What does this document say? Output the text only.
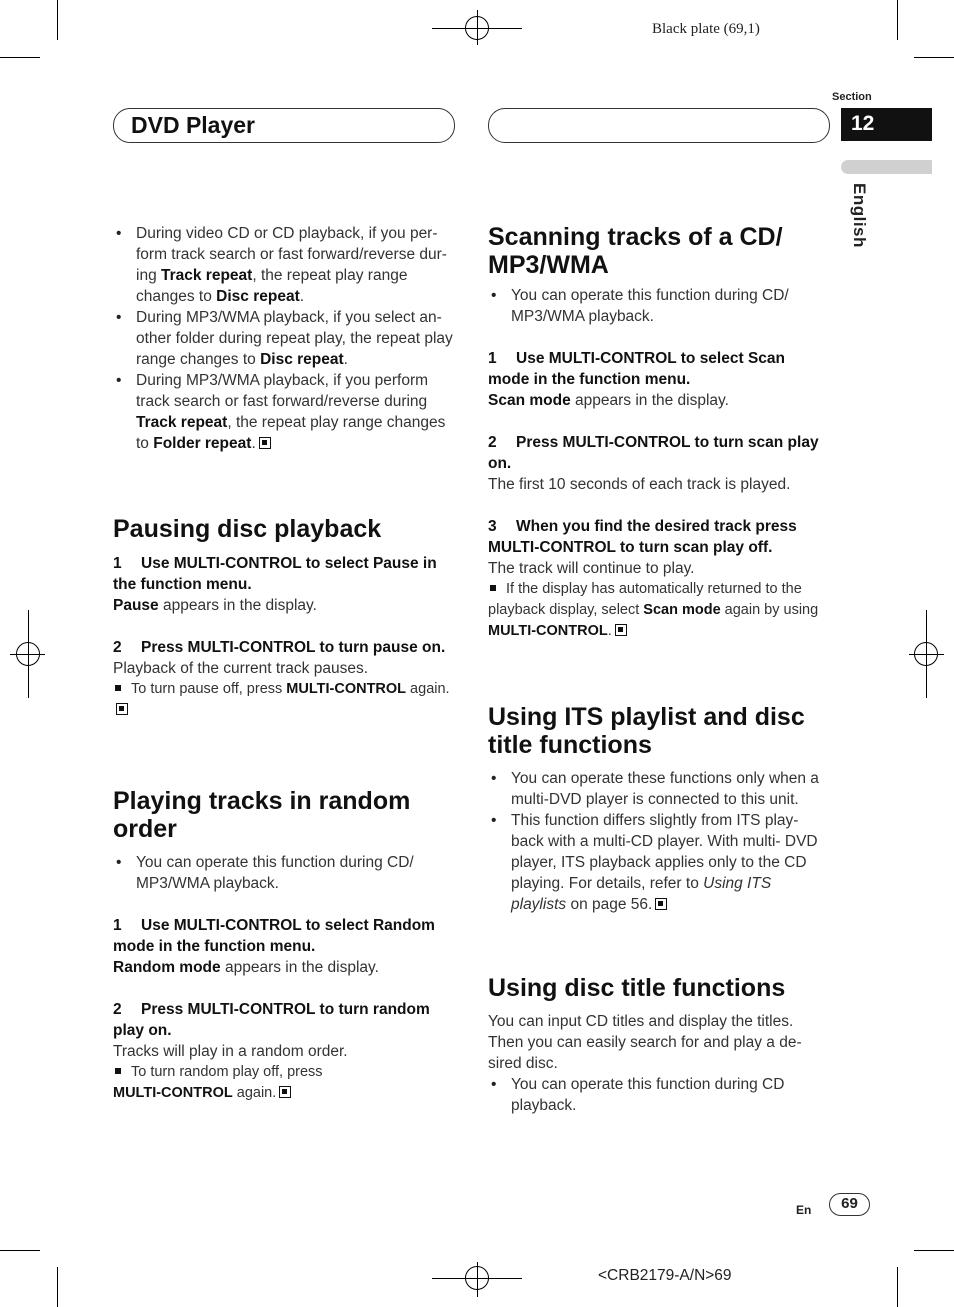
Black plate (69,1)
DVD Player
Section
12
English

• During video CD or CD playback, if you per- form track search or fast forward/reverse dur- ing Track repeat, the repeat play range changes to Disc repeat.

• During MP3/WMA playback, if you select an- other folder during repeat play, the repeat play range changes to Disc repeat.

• During MP3/WMA playback, if you perform track search or fast forward/reverse during Track repeat, the repeat play range changes to Folder repeat.

Pausing disc playback

1 Use MULTI-CONTROL to select Pause in the function menu.

Pause appears in the display.

2 Press MULTI-CONTROL to turn pause on.

Playback of the current track pauses.

To turn pause off, press MULTI-CONTROL again.

Playing tracks in random order

• You can operate this function during CD/ MP3/WMA playback.

1 Use MULTI-CONTROL to select Random mode in the function menu.

Random mode appears in the display.

2 Press MULTI-CONTROL to turn random play on.

Tracks will play in a random order.

To turn random play off, press
MULTI-CONTROL again.

Scanning tracks of a CD/ MP3/WMA

• You can operate this function during CD/ MP3/WMA playback.

1 Use MULTI-CONTROL to select Scan mode in the function menu.

Scan mode appears in the display.

2 Press MULTI-CONTROL to turn scan play on.

The first 10 seconds of each track is played.

3 When you find the desired track press MULTI-CONTROL to turn scan play off.

The track will continue to play.

If the display has automatically returned to the playback display, select Scan mode again by using MULTI-CONTROL.

Using ITS playlist and disc title functions

• You can operate these functions only when a multi-DVD player is connected to this unit.

• This function differs slightly from ITS play- back with a multi-CD player. With multi- DVD player, ITS playback applies only to the CD playing. For details, refer to Using ITS playlists on page 56.

Using disc title functions

You can input CD titles and display the titles. Then you can easily search for and play a de- sired disc.

• You can operate this function during CD playback.

En	69
<CRB2179-A/N>69
